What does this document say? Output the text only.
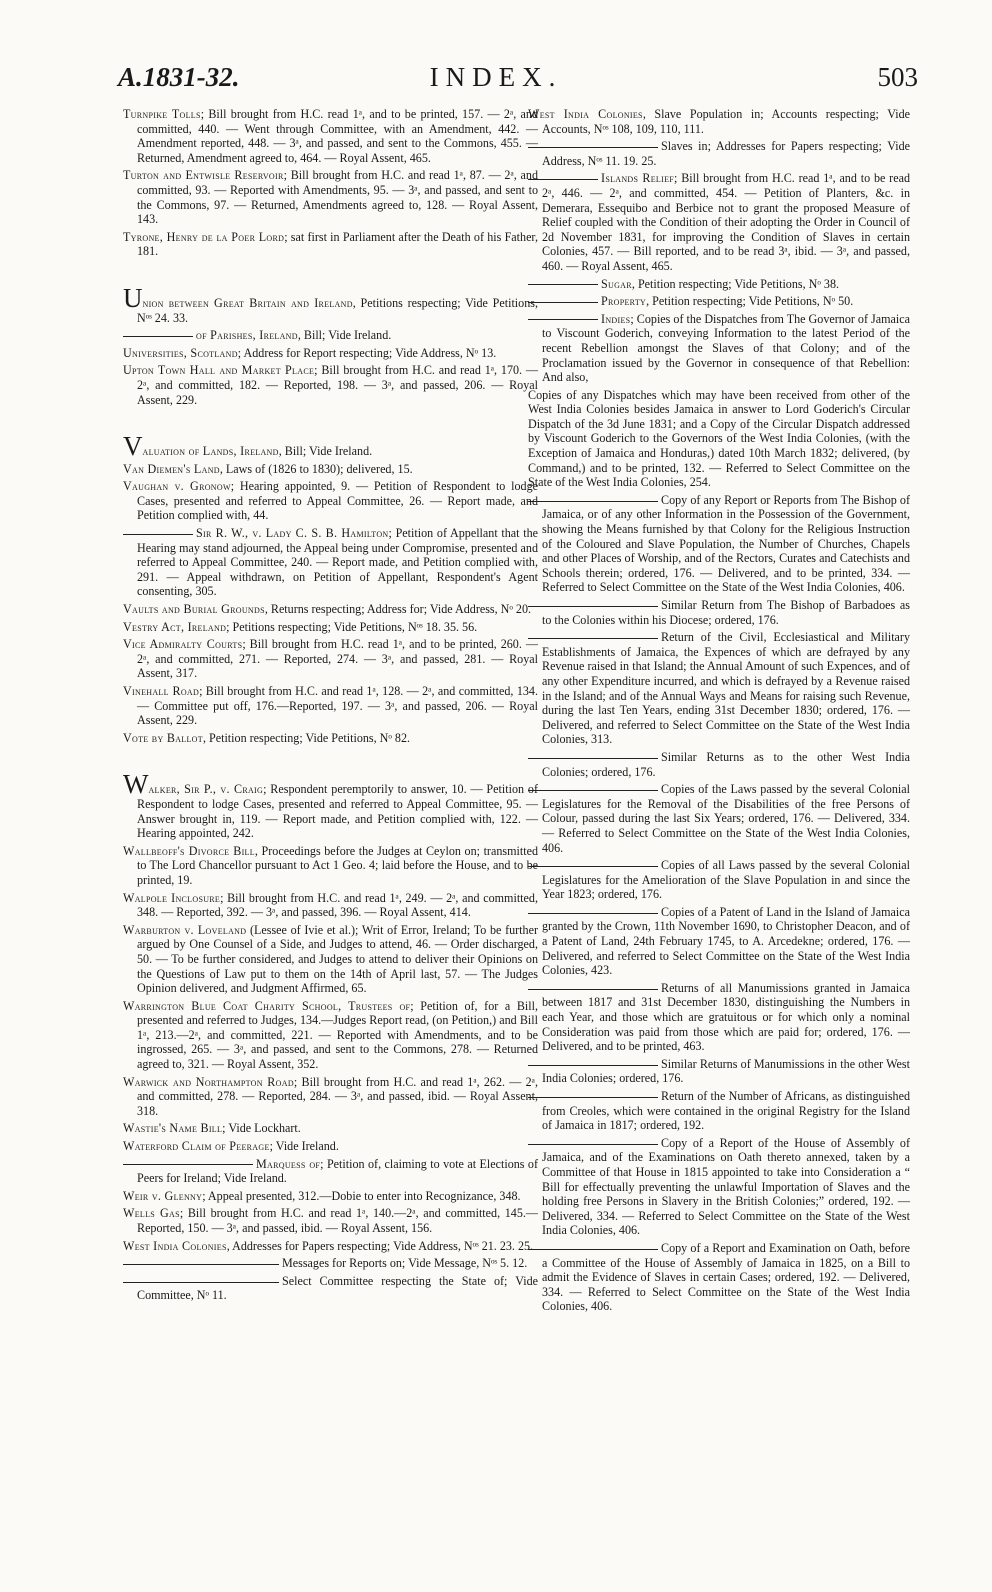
A.1831-32.	INDEX.	503

Turnpike Tolls; Bill brought from H.C. read 1ᵃ, and to be printed, 157. — 2ᵃ, and committed, 440. — Went through Committee, with an Amendment, 442. — Amendment reported, 448. — 3ᵃ, and passed, and sent to the Commons, 455. — Returned, Amendment agreed to, 464. — Royal Assent, 465.

Turton and Entwisle Reservoir; Bill brought from H.C. and read 1ᵃ, 87. — 2ᵃ, and committed, 93. — Reported with Amendments, 95. — 3ᵃ, and passed, and sent to the Commons, 97. — Returned, Amendments agreed to, 128. — Royal Assent, 143.

Tyrone, Henry de la Poer Lord; sat first in Parliament after the Death of his Father, 181.

Union between Great Britain and Ireland, Petitions respecting; Vide Petitions, Nᵒˢ 24. 33.

of Parishes, Ireland, Bill; Vide Ireland.

Universities, Scotland; Address for Report respecting; Vide Address, Nᵒ 13.

Upton Town Hall and Market Place; Bill brought from H.C. and read 1ᵃ, 170. — 2ᵃ, and committed, 182. — Reported, 198. — 3ᵃ, and passed, 206. — Royal Assent, 229.

Valuation of Lands, Ireland, Bill; Vide Ireland.

Van Diemen's Land, Laws of (1826 to 1830); delivered, 15.

Vaughan v. Gronow; Hearing appointed, 9. — Petition of Respondent to lodge Cases, presented and referred to Appeal Committee, 26. — Report made, and Petition complied with, 44.

Sir R. W., v. Lady C. S. B. Hamilton; Petition of Appellant that the Hearing may stand adjourned, the Appeal being under Compromise, presented and referred to Appeal Committee, 240. — Report made, and Petition complied with, 291. — Appeal withdrawn, on Petition of Appellant, Respondent's Agent consenting, 305.

Vaults and Burial Grounds, Returns respecting; Address for; Vide Address, Nᵒ 20.

Vestry Act, Ireland; Petitions respecting; Vide Petitions, Nᵒˢ 18. 35. 56.

Vice Admiralty Courts; Bill brought from H.C. read 1ᵃ, and to be printed, 260. — 2ᵃ, and committed, 271. — Reported, 274. — 3ᵃ, and passed, 281. — Royal Assent, 317.

Vinehall Road; Bill brought from H.C. and read 1ᵃ, 128. — 2ᵃ, and committed, 134. — Committee put off, 176.—Reported, 197. — 3ᵃ, and passed, 206. — Royal Assent, 229.

Vote by Ballot, Petition respecting; Vide Petitions, Nᵒ 82.

Walker, Sir P., v. Craig; Respondent peremptorily to answer, 10. — Petition of Respondent to lodge Cases, presented and referred to Appeal Committee, 95. — Answer brought in, 119. — Report made, and Petition complied with, 122. — Hearing appointed, 242.

Wallbeoff's Divorce Bill, Proceedings before the Judges at Ceylon on; transmitted to The Lord Chancellor pursuant to Act 1 Geo. 4; laid before the House, and to be printed, 19.

Walpole Inclosure; Bill brought from H.C. and read 1ᵃ, 249. — 2ᵃ, and committed, 348. — Reported, 392. — 3ᵃ, and passed, 396. — Royal Assent, 414.

Warburton v. Loveland (Lessee of Ivie et al.); Writ of Error, Ireland; To be further argued by One Counsel of a Side, and Judges to attend, 46. — Order discharged, 50. — To be further considered, and Judges to attend to deliver their Opinions on the Questions of Law put to them on the 14th of April last, 57. — The Judges Opinion delivered, and Judgment Affirmed, 65.

Warrington Blue Coat Charity School, Trustees of; Petition of, for a Bill, presented and referred to Judges, 134.—Judges Report read, (on Petition,) and Bill 1ᵃ, 213.—2ᵃ, and committed, 221. — Reported with Amendments, and to be ingrossed, 265. — 3ᵃ, and passed, and sent to the Commons, 278. — Returned agreed to, 321. — Royal Assent, 352.

Warwick and Northampton Road; Bill brought from H.C. and read 1ᵃ, 262. — 2ᵃ, and committed, 278. — Reported, 284. — 3ᵃ, and passed, ibid. — Royal Assent, 318.

Wastie's Name Bill; Vide Lockhart.

Waterford Claim of Peerage; Vide Ireland.

Marquess of; Petition of, claiming to vote at Elections of Peers for Ireland; Vide Ireland.

Weir v. Glenny; Appeal presented, 312.—Dobie to enter into Recognizance, 348.

Wells Gas; Bill brought from H.C. and read 1ᵃ, 140.—2ᵃ, and committed, 145.—Reported, 150. — 3ᵃ, and passed, ibid. — Royal Assent, 156.

West India Colonies, Addresses for Papers respecting; Vide Address, Nᵒˢ 21. 23. 25.

Messages for Reports on; Vide Message, Nᵒˢ 5. 12.

Select Committee respecting the State of; Vide Committee, Nᵒ 11.

West India Colonies, Slave Population in; Accounts respecting; Vide Accounts, Nᵒˢ 108, 109, 110, 111.

Slaves in; Addresses for Papers respecting; Vide Address, Nᵒˢ 11. 19. 25.

Islands Relief; Bill brought from H.C. read 1ᵃ, and to be read 2ᵃ, 446. — 2ᵃ, and committed, 454. — Petition of Planters, &c. in Demerara, Essequibo and Berbice not to grant the proposed Measure of Relief coupled with the Condition of their adopting the Order in Council of 2d November 1831, for improving the Condition of Slaves in certain Colonies, 457. — Bill reported, and to be read 3ᵃ, ibid. — 3ᵃ, and passed, 460. — Royal Assent, 465.

Sugar, Petition respecting; Vide Petitions, Nᵒ 38.

Property, Petition respecting; Vide Petitions, Nᵒ 50.

Indies; Copies of the Dispatches from The Governor of Jamaica to Viscount Goderich, conveying Information to the latest Period of the recent Rebellion amongst the Slaves of that Colony; and of the Proclamation issued by the Governor in consequence of that Rebellion: And also,

Copies of any Dispatches which may have been received from other of the West India Colonies besides Jamaica in answer to Lord Goderich's Circular Dispatch of the 3d June 1831; and a Copy of the Circular Dispatch addressed by Viscount Goderich to the Governors of the West India Colonies, (with the Exception of Jamaica and Honduras,) dated 10th March 1832; delivered, (by Command,) and to be printed, 132. — Referred to Select Committee on the State of the West India Colonies, 254.

Copy of any Report or Reports from The Bishop of Jamaica, or of any other Information in the Possession of the Government, showing the Means furnished by that Colony for the Religious Instruction of the Coloured and Slave Population, the Number of Churches, Chapels and other Places of Worship, and of the Rectors, Curates and Catechists and Schools therein; ordered, 176. — Delivered, and to be printed, 334. — Referred to Select Committee on the State of the West India Colonies, 406.

Similar Return from The Bishop of Barbadoes as to the Colonies within his Diocese; ordered, 176.

Return of the Civil, Ecclesiastical and Military Establishments of Jamaica, the Expences of which are defrayed by any Revenue raised in that Island; the Annual Amount of such Expences, and of any other Expenditure incurred, and which is defrayed by a Revenue raised in the Island; and of the Annual Ways and Means for raising such Revenue, during the last Ten Years, ending 31st December 1830; ordered, 176. — Delivered, and referred to Select Committee on the State of the West India Colonies, 313.

Similar Returns as to the other West India Colonies; ordered, 176.

Copies of the Laws passed by the several Colonial Legislatures for the Removal of the Disabilities of the free Persons of Colour, passed during the last Six Years; ordered, 176. — Delivered, 334. — Referred to Select Committee on the State of the West India Colonies, 406.

Copies of all Laws passed by the several Colonial Legislatures for the Amelioration of the Slave Population in and since the Year 1823; ordered, 176.

Copies of a Patent of Land in the Island of Jamaica granted by the Crown, 11th November 1690, to Christopher Deacon, and of a Patent of Land, 24th February 1745, to A. Arcedekne; ordered, 176. — Delivered, and referred to Select Committee on the State of the West India Colonies, 423.

Returns of all Manumissions granted in Jamaica between 1817 and 31st December 1830, distinguishing the Numbers in each Year, and those which are gratuitous or for which only a nominal Consideration was paid from those which are paid for; ordered, 176. — Delivered, and to be printed, 463.

Similar Returns of Manumissions in the other West India Colonies; ordered, 176.

Return of the Number of Africans, as distinguished from Creoles, which were contained in the original Registry for the Island of Jamaica in 1817; ordered, 192.

Copy of a Report of the House of Assembly of Jamaica, and of the Examinations on Oath thereto annexed, taken by a Committee of that House in 1815 appointed to take into Consideration a “ Bill for effectually preventing the unlawful Importation of Slaves and the holding free Persons in Slavery in the British Colonies;” ordered, 192. — Delivered, 334. — Referred to Select Committee on the State of the West India Colonies, 406.

Copy of a Report and Examination on Oath, before a Committee of the House of Assembly of Jamaica in 1825, on a Bill to admit the Evidence of Slaves in certain Cases; ordered, 192. — Delivered, 334. — Referred to Select Committee on the State of the West India Colonies, 406.
